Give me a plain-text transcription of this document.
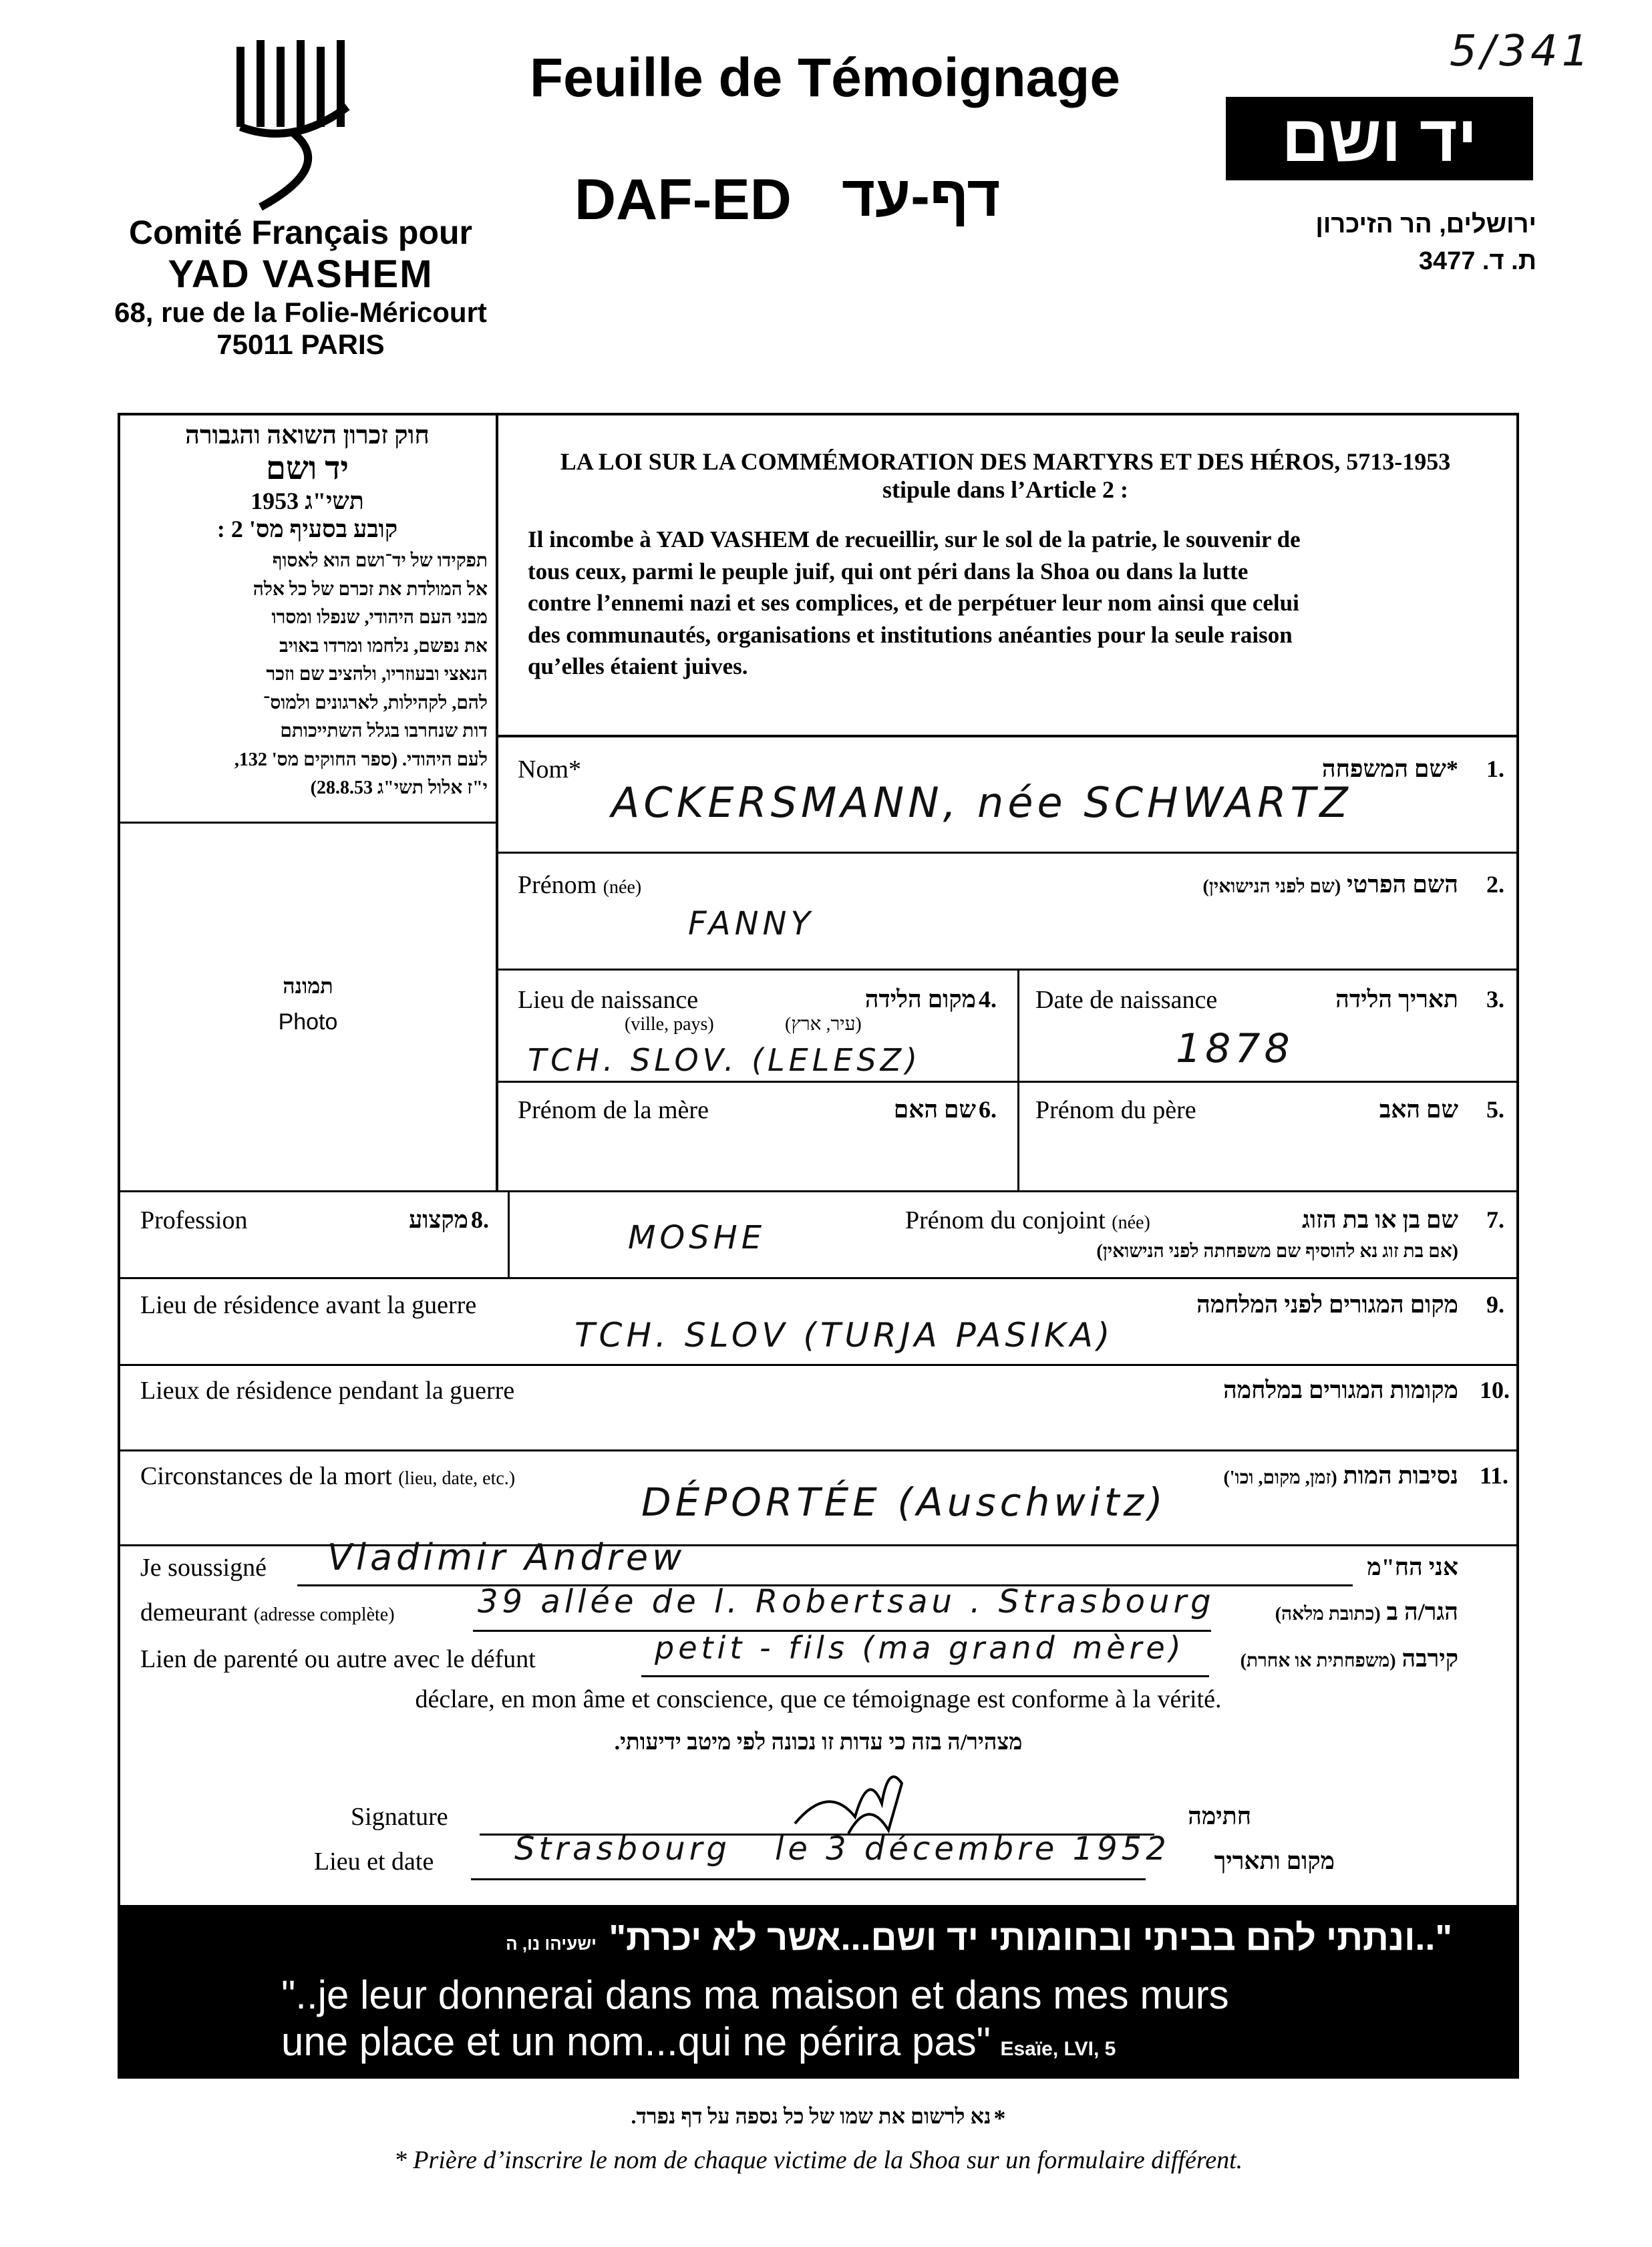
5/341
Comité Français pour
YAD VASHEM
68, rue de la Folie-Méricourt
75011 PARIS
Feuille de Témoignage
DAF-ED דף-עד
יד ושם
ירושלים, הר הזיכרון
ת. ד. 3477
חוק זכרון השואה והגבורה
יד ושם
תשי"ג 1953
קובע בסעיף מס' 2 :
תפקידו של יד־ושם הוא לאסוף
אל המולדת את זכרם של כל אלה
מבני העם היהודי, שנפלו ומסרו
את נפשם, נלחמו ומרדו באויב
הנאצי ובעוזריו, ולהציב שם וזכר
להם, לקהילות, לארגונים ולמוס־
דות שנחרבו בגלל השתייכותם
לעם היהודי. (ספר החוקים מס' 132,
י"ז אלול תשי"ג 28.8.53)
תמונה
Photo
LA LOI SUR LA COMMÉMORATION DES MARTYRS ET DES HÉROS, 5713-1953
stipule dans l’Article 2 :
Il incombe à YAD VASHEM de recueillir, sur le sol de la patrie, le souvenir de
tous ceux, parmi le peuple juif, qui ont péri dans la Shoa ou dans la lutte
contre l’ennemi nazi et ses complices, et de perpétuer leur nom ainsi que celui
des communautés, organisations et institutions anéanties pour la seule raison
qu’elles étaient juives.
Nom*	*שם המשפחה	1.
ACKERSMANN, née SCHWARTZ
Prénom (née)	השם הפרטי (שם לפני הנישואין)	2.
FANNY
Lieu de naissance
(ville, pays)
מקום הלידה
(עיר, ארץ)
4.
TCH. SLOV. (LELESZ)
Date de naissance	תאריך הלידה 3.
1878
Prénom de la mère	שם האם 6. Prénom du père	שם האב 5.
Profession	מקצוע 8.	Prénom du conjoint (née)	שם בן או בת הזוג 7.
(אם בת זוג נא להוסיף שם משפחתה לפני הנישואין)
MOSHE
Lieu de résidence avant la guerre	מקום המגורים לפני המלחמה 9.
TCH. SLOV (TURJA PASIKA)
Lieux de résidence pendant la guerre	מקומות המגורים במלחמה 10.
Circonstances de la mort (lieu, date, etc.)	נסיבות המות (זמן, מקום, וכו')	11.
DÉPORTÉE (Auschwitz)
Je soussigné Vladimir Andrew	אני הח"מ
demeurant (adresse complète)	39 allée de l. Robertsau . Strasbourg	הגר/ה ב (כתובת מלאה)
Lien de parenté ou autre avec le défunt	petit - fils (ma grand mère)	קירבה (משפחתית או אחרת)
déclare, en mon âme et conscience, que ce témoignage est conforme à la vérité.
מצהיר/ה בזה כי עדות זו נכונה לפי מיטב ידיעותי.
Signature	חתימה
Lieu et date	Strasbourg le 3 décembre 1952 מקום ותאריך
"..ונתתי להם בביתי ובחומותי יד ושם...אשר לא יכרת" ישעיהו נו, ה
"..je leur donnerai dans ma maison et dans mes murs
une place et un nom...qui ne périra pas" Esaïe, LVI, 5
* נא לרשום את שמו של כל נספה על דף נפרד.
* Prière d’inscrire le nom de chaque victime de la Shoa sur un formulaire différent.
